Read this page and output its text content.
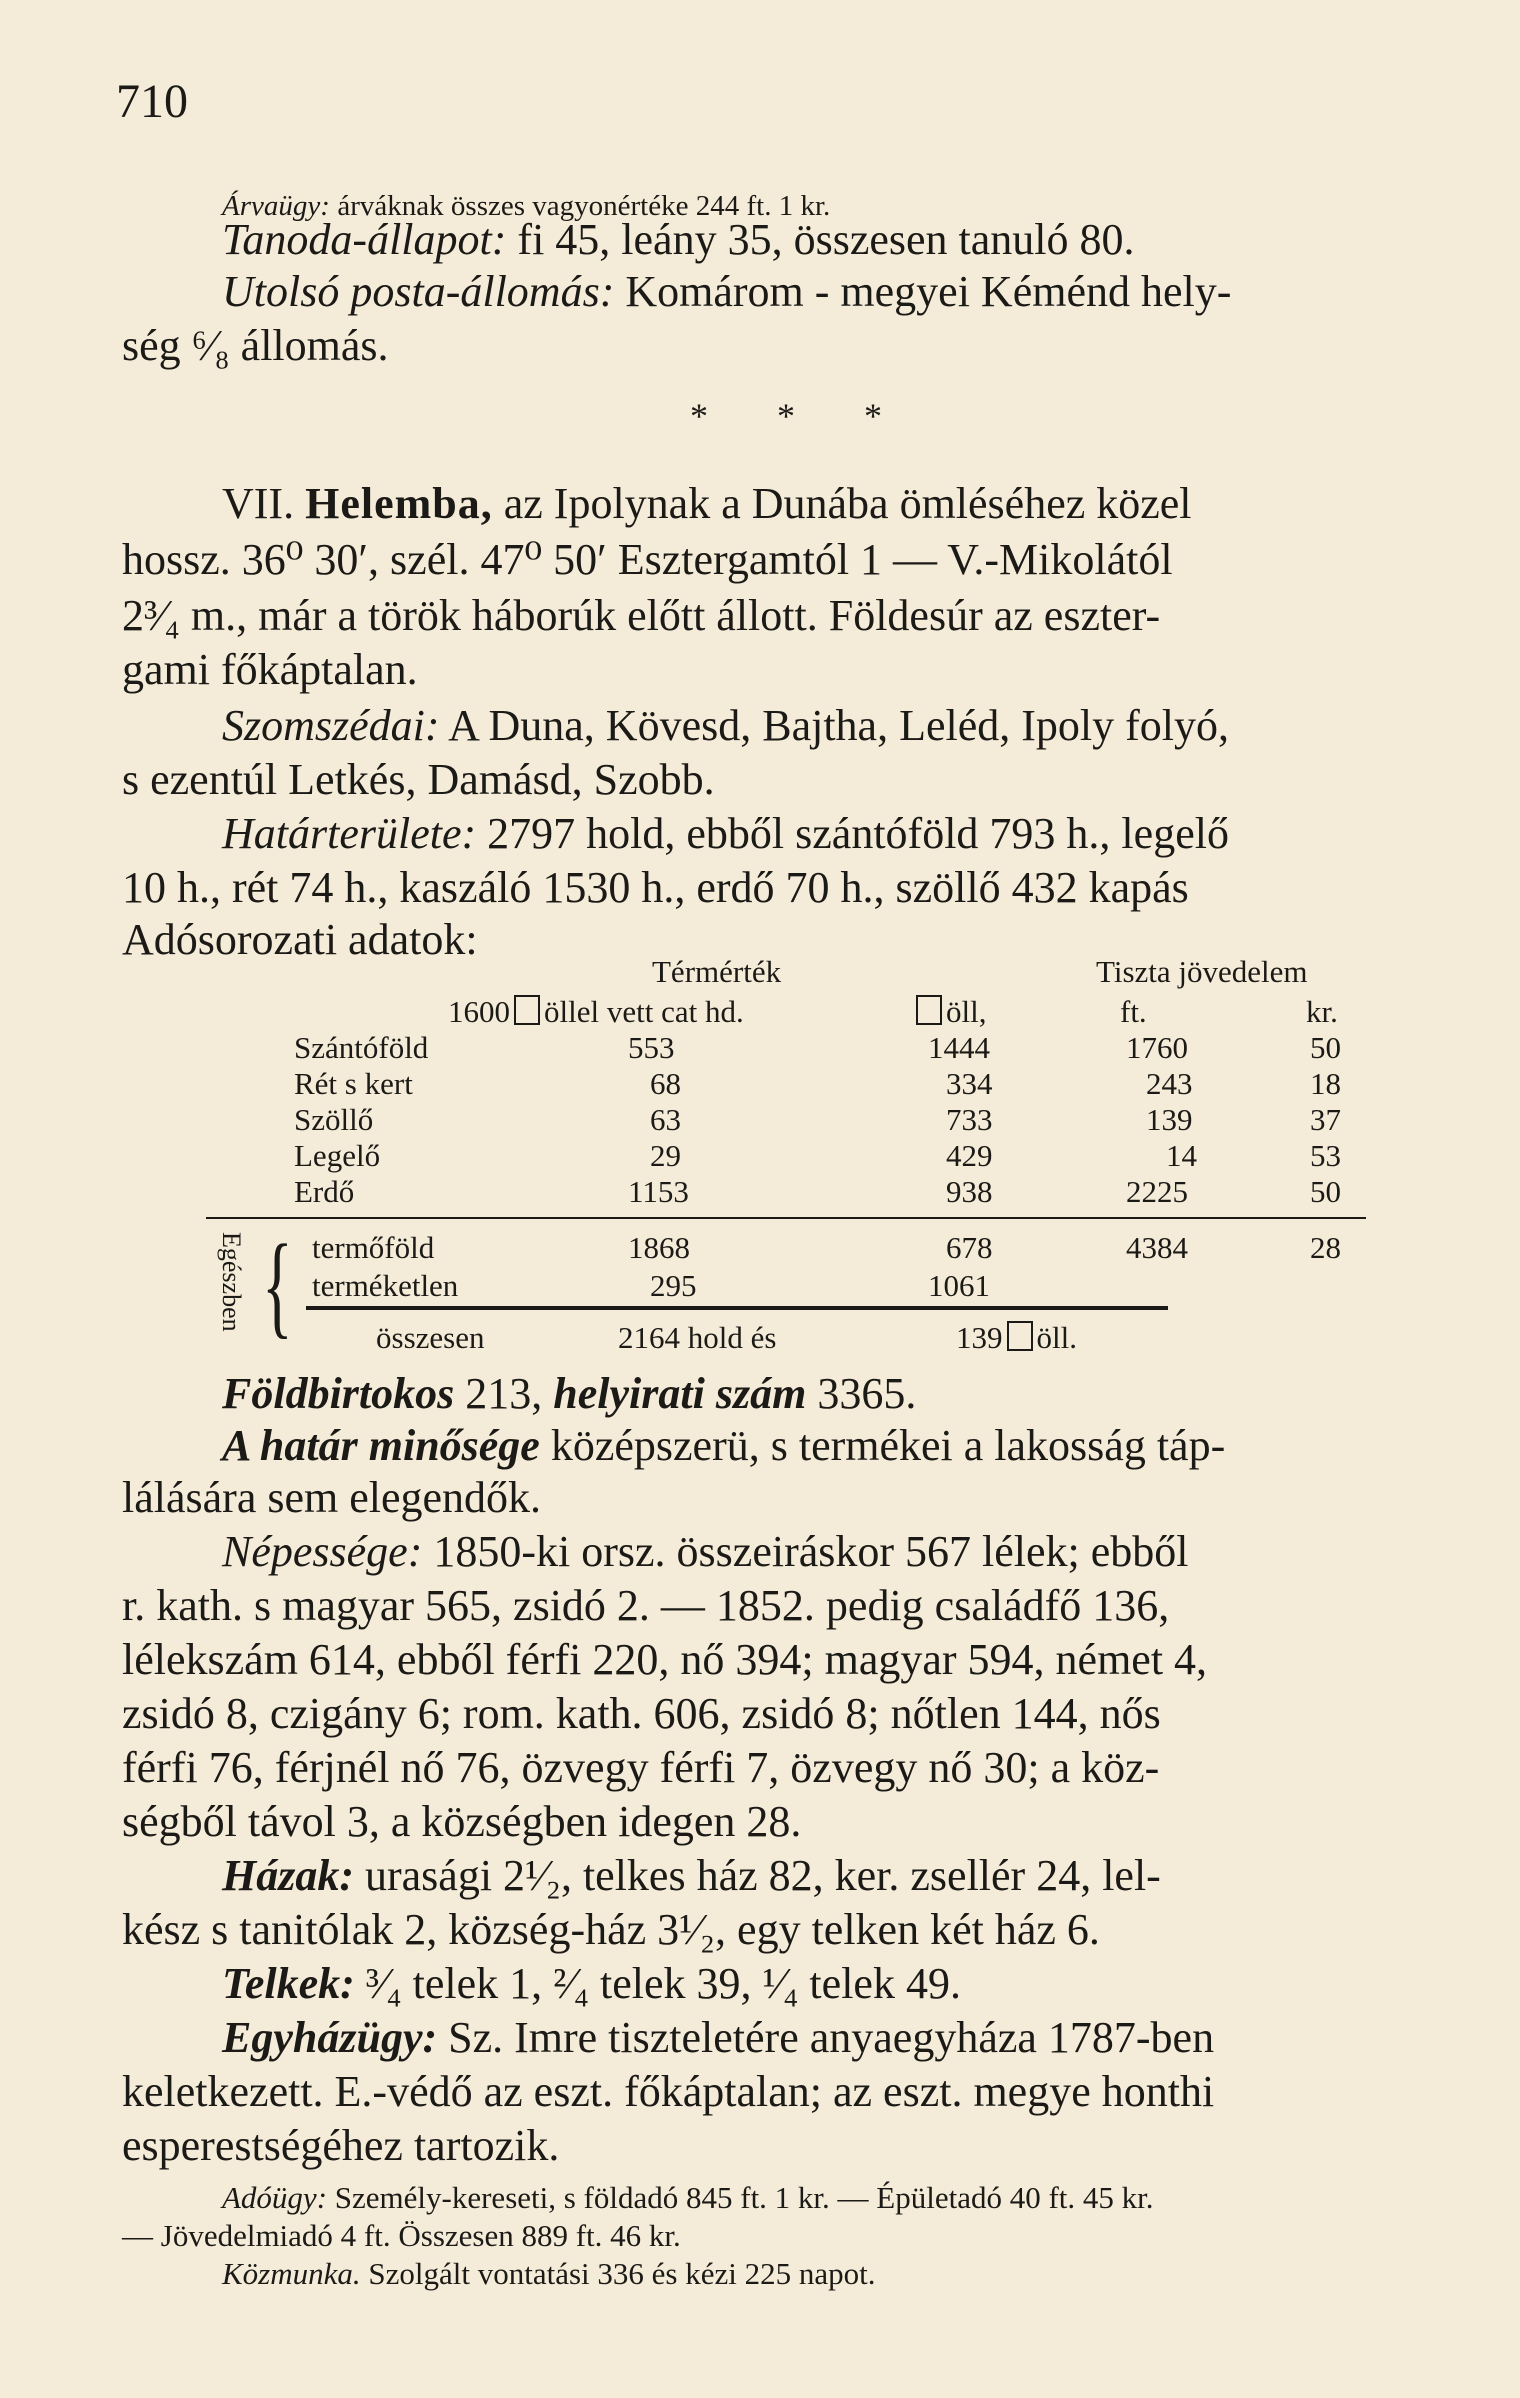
710
Árvaügy: árváknak összes vagyonértéke 244 ft. 1 kr.
Tanoda-állapot: fi 45, leány 35, összesen tanuló 80.
Utolsó posta-állomás: Komárom - megyei Kéménd hely-
ség ⁶⁄₈ állomás.
* * *
VII. Helemba, az Ipolynak a Dunába ömléséhez közel
hossz. 36⁰ 30′, szél. 47⁰ 50′ Esztergamtól 1 — V.-Mikolától
2³⁄₄ m., már a török háborúk előtt állott. Földesúr az eszter-
gami főkáptalan.
Szomszédai: A Duna, Kövesd, Bajtha, Leléd, Ipoly folyó,
s ezentúl Letkés, Damásd, Szobb.
Határterülete: 2797 hold, ebből szántóföld 793 h., legelő
10 h., rét 74 h., kaszáló 1530 h., erdő 70 h., szöllő 432 kapás
Adósorozati adatok:
Térmérték	Tiszta jövedelem
1600 öllel vett cat hd.	öll,	ft.	kr.
Szántóföld	553	1444	1760	50
Rét s kert	68	334	243	18
Szöllő	63	733	139	37
Legelő	29	429	14	53
Erdő	1153	938	2225	50
Egészben { termőföld	1868	678	4384	28
terméketlen	295	1061
összesen	2164 hold és	139 öll.
Földbirtokos 213, helyirati szám 3365.
A határ minősége középszerü, s termékei a lakosság táp-
lálására sem elegendők.
Népessége: 1850-ki orsz. összeiráskor 567 lélek; ebből
r. kath. s magyar 565, zsidó 2. — 1852. pedig családfő 136,
lélekszám 614, ebből férfi 220, nő 394; magyar 594, német 4,
zsidó 8, czigány 6; rom. kath. 606, zsidó 8; nőtlen 144, nős
férfi 76, férjnél nő 76, özvegy férfi 7, özvegy nő 30; a köz-
ségből távol 3, a községben idegen 28.
Házak: urasági 2¹⁄₂, telkes ház 82, ker. zsellér 24, lel-
kész s tanitólak 2, község-ház 3¹⁄₂, egy telken két ház 6.
Telkek: ³⁄₄ telek 1, ²⁄₄ telek 39, ¹⁄₄ telek 49.
Egyházügy: Sz. Imre tiszteletére anyaegyháza 1787-ben
keletkezett. E.-védő az eszt. főkáptalan; az eszt. megye honthi
esperestségéhez tartozik.
Adóügy: Személy-kereseti, s földadó 845 ft. 1 kr. — Épületadó 40 ft. 45 kr.
— Jövedelmiadó 4 ft. Összesen 889 ft. 46 kr.
Közmunka. Szolgált vontatási 336 és kézi 225 napot.
